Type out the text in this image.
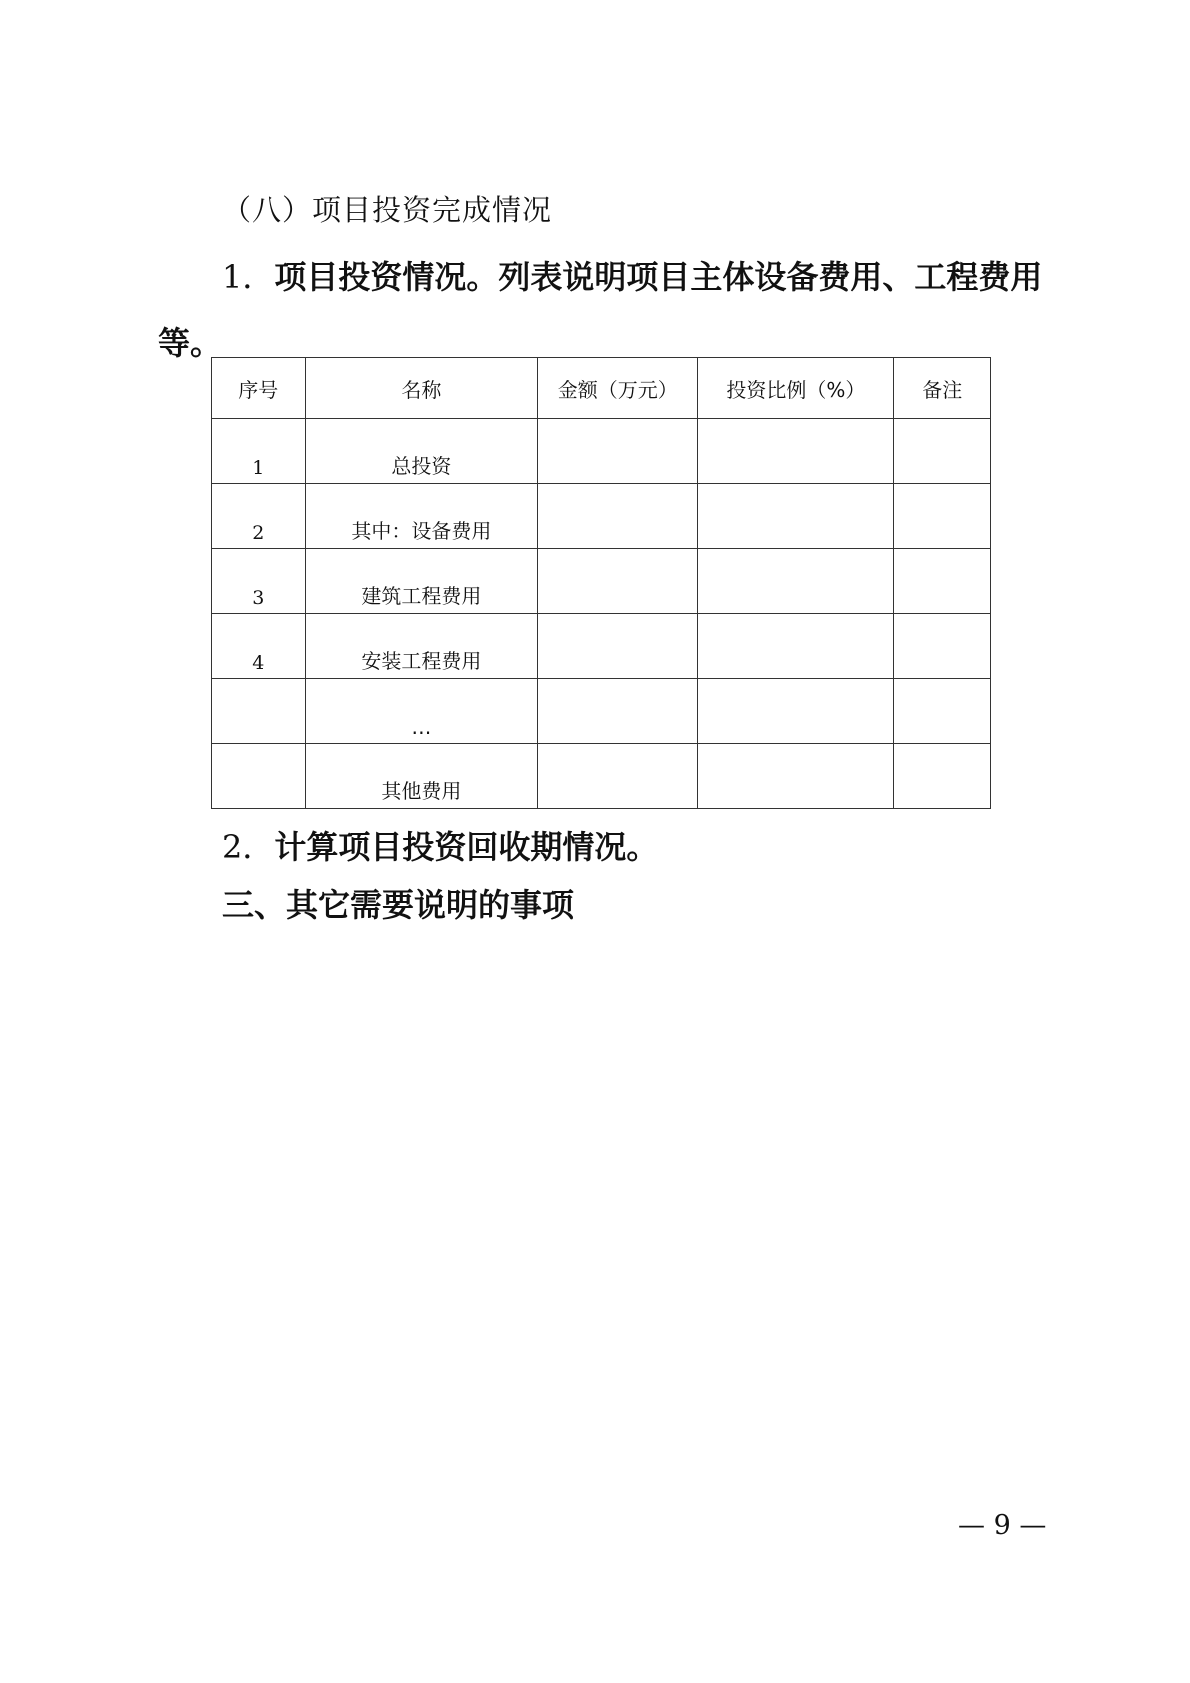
（八）项目投资完成情况

1．项目投资情况。列表说明项目主体设备费用、工程费用等。

序号	名称	金额（万元）	投资比例（%）	备注
1	总投资			
2	其中：设备费用			
3	建筑工程费用			
4	安装工程费用			
	…			
	其他费用			
2．计算项目投资回收期情况。
三、其它需要说明的事项
— 9 —
